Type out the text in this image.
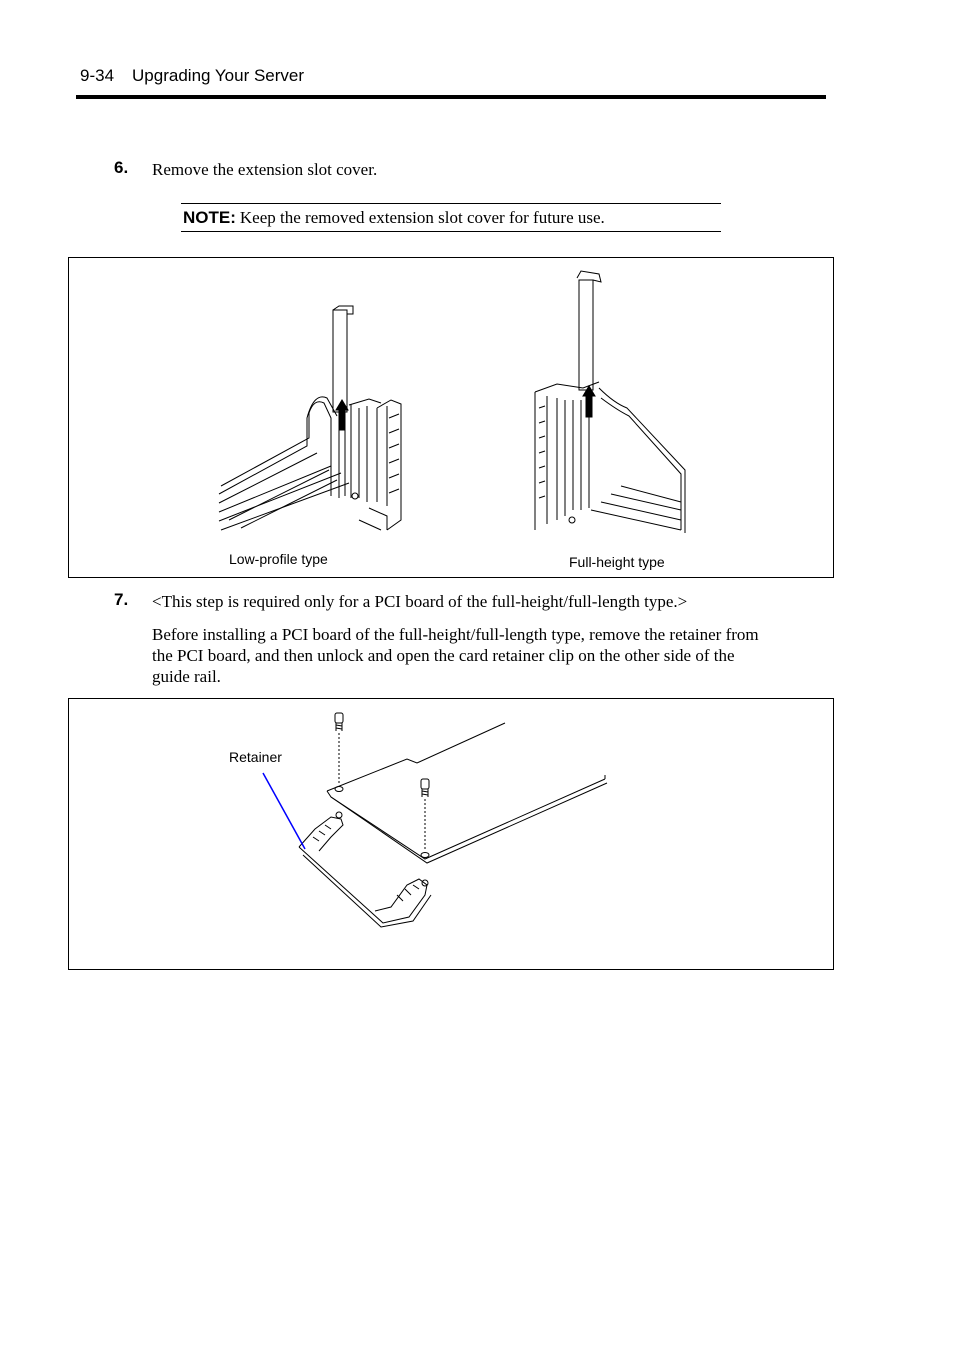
9-34 Upgrading Your Server
6. Remove the extension slot cover.
NOTE: Keep the removed extension slot cover for future use.
Low-profile type	Full-height type
7. <This step is required only for a PCI board of the full-height/full-length type.>
Before installing a PCI board of the full-height/full-length type, remove the retainer from
the PCI board, and then unlock and open the card retainer clip on the other side of the
guide rail.
Retainer
